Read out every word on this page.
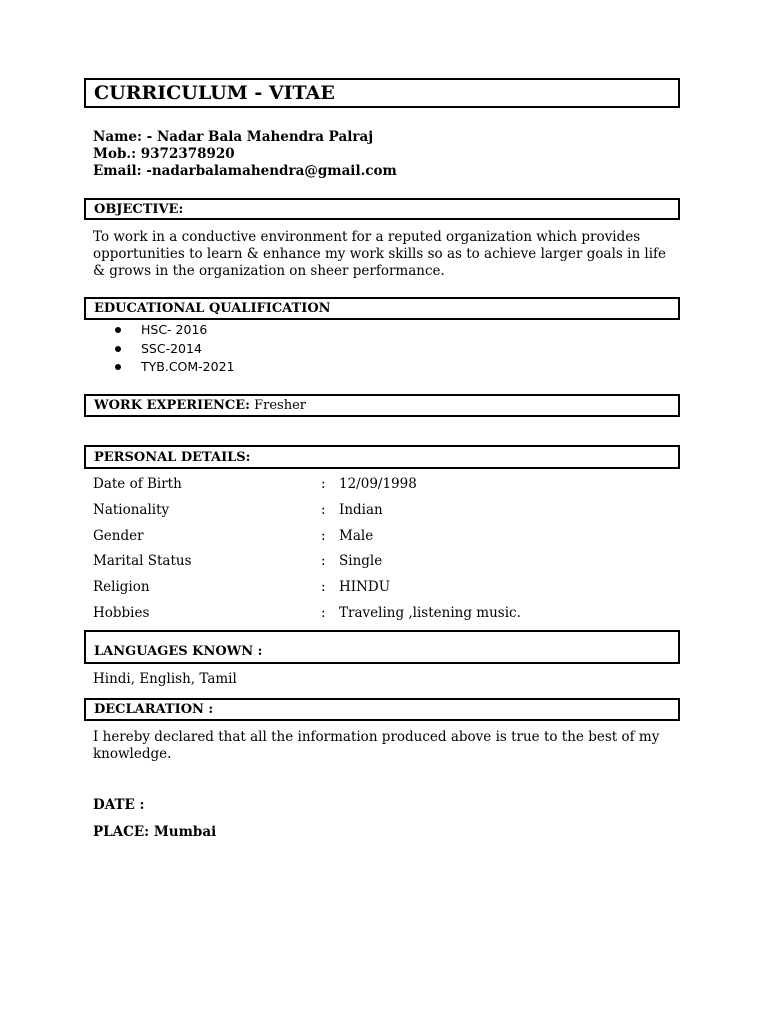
CURRICULUM - VITAE
Name: - Nadar Bala Mahendra Palraj
Mob.: 9372378920
Email: -nadarbalamahendra@gmail.com
OBJECTIVE:
To work in a conductive environment for a reputed organization which provides opportunities to learn & enhance my work skills so as to achieve larger goals in life & grows in the organization on sheer performance.
EDUCATIONAL QUALIFICATION
HSC- 2016
SSC-2014
TYB.COM-2021
WORK EXPERIENCE: Fresher
PERSONAL DETAILS:
Date of Birth	: 12/09/1998
Nationality	: Indian
Gender	: Male
Marital Status	: Single
Religion	: HINDU
Hobbies	: Traveling ,listening music.
LANGUAGES KNOWN :
Hindi, English, Tamil
DECLARATION :
I hereby declared that all the information produced above is true to the best of my knowledge.
DATE :
PLACE: Mumbai
